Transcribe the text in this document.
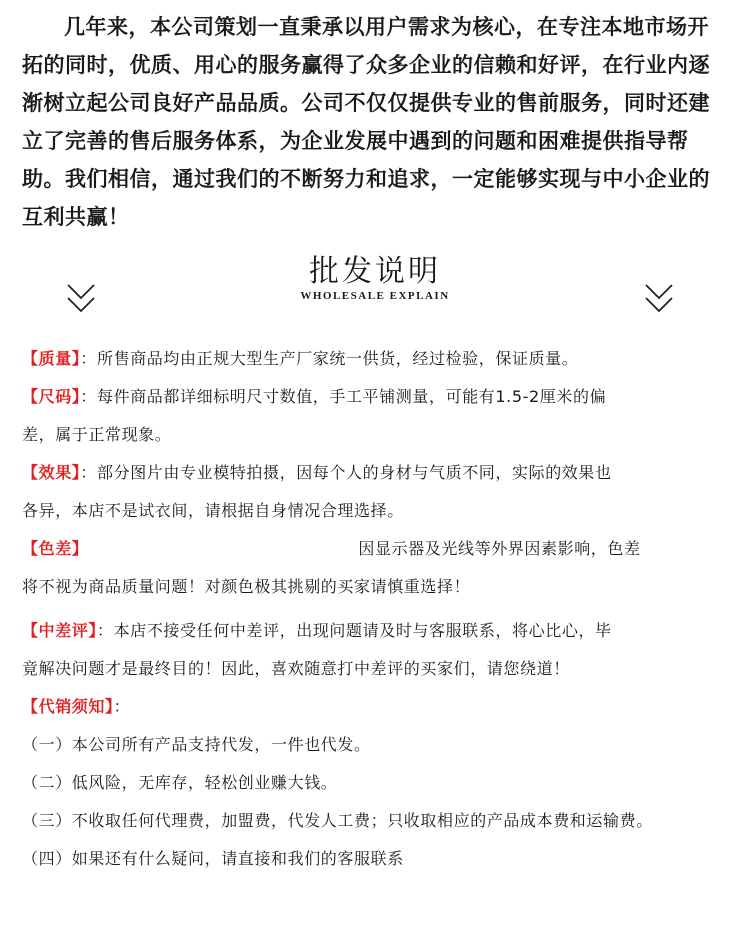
几年来，本公司策划一直秉承以用户需求为核心，在专注本地市场开拓的同时，优质、用心的服务赢得了众多企业的信赖和好评，在行业内逐渐树立起公司良好产品品质。公司不仅仅提供专业的售前服务，同时还建立了完善的售后服务体系，为企业发展中遇到的问题和困难提供指导帮助。我们相信，通过我们的不断努力和追求，一定能够实现与中小企业的互利共赢！

批发说明
WHOLESALE EXPLAIN

【质量】：所售商品均由正规大型生产厂家统一供货，经过检验，保证质量。

【尺码】：每件商品都详细标明尺寸数值，手工平铺测量，可能有1.5-2厘米的偏

差，属于正常现象。

【效果】：部分图片由专业模特拍摄，因每个人的身材与气质不同，实际的效果也

各异，本店不是试衣间，请根据自身情况合理选择。

【色差】	因显示器及光线等外界因素影响，色差

将不视为商品质量问题！对颜色极其挑剔的买家请慎重选择！

【中差评】：本店不接受任何中差评，出现问题请及时与客服联系，将心比心，毕

竟解决问题才是最终目的！因此，喜欢随意打中差评的买家们，请您绕道！

【代销须知】：

（一）本公司所有产品支持代发，一件也代发。

（二）低风险，无库存，轻松创业赚大钱。

（三）不收取任何代理费，加盟费，代发人工费；只收取相应的产品成本费和运输费。

（四）如果还有什么疑问，请直接和我们的客服联系
